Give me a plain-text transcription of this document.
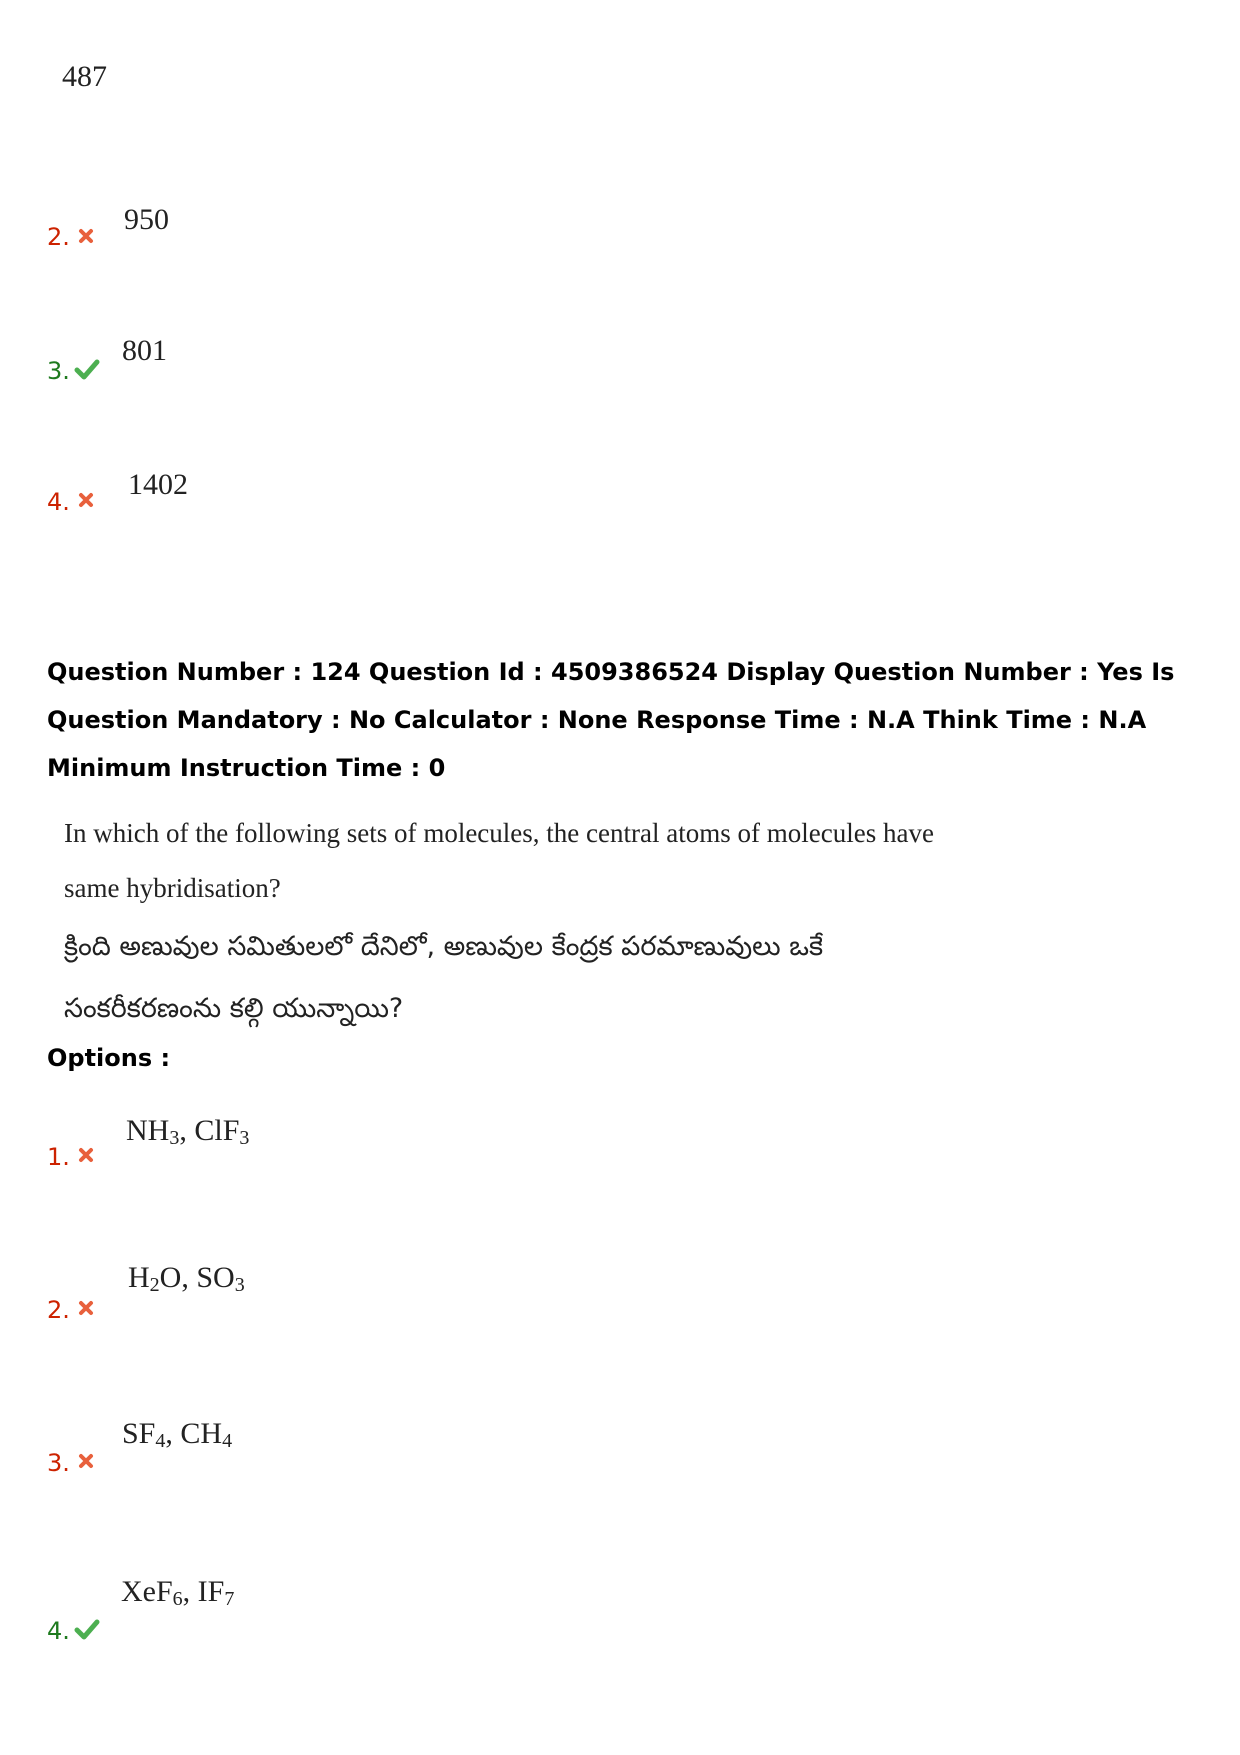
487
2.
950
3.
801
4.
1402
Question Number : 124 Question Id : 4509386524 Display Question Number : Yes Is Question Mandatory : No Calculator : None Response Time : N.A Think Time : N.A Minimum Instruction Time : 0
In which of the following sets of molecules, the central atoms of molecules have same hybridisation?
క్రింది అణువుల సమితులలో దేనిలో, అణువుల కేంద్రక పరమాణువులు ఒకే సంకరీకరణంను కల్గి యున్నాయి?
Options :
1.
$NH_3$, ClF$_3$
2.
$H_2O$, $SO_3$
3.
$SF_4$, $CH_4$
4.
XeF$_6$, $IF_7$
